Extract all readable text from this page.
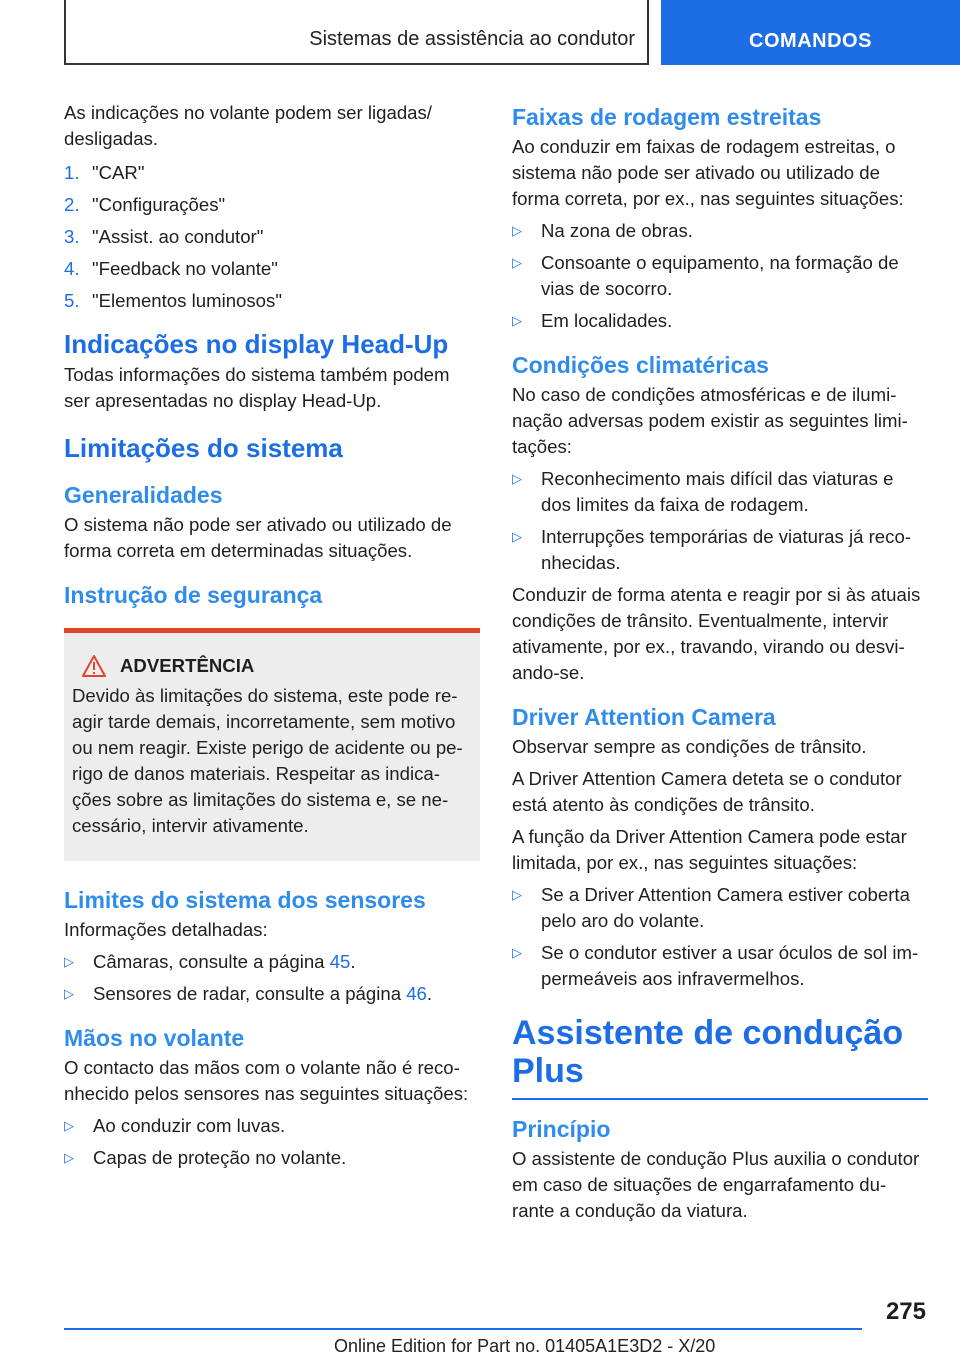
Sistemas de assistência ao condutor	COMANDOS

As indicações no volante podem ser ligadas/ desligadas.

1. "CAR"
2. "Configurações"
3. "Assist. ao condutor"
4. "Feedback no volante"
5. "Elementos luminosos"
Indicações no display Head-Up

Todas informações do sistema também podem ser apresentadas no display Head-Up.

Limitações do sistema
Generalidades

O sistema não pode ser ativado ou utilizado de forma correta em determinadas situações.

Instrução de segurança
ADVERTÊNCIA

Devido às limitações do sistema, este pode re- agir tarde demais, incorretamente, sem motivo ou nem reagir. Existe perigo de acidente ou pe- rigo de danos materiais. Respeitar as indica- ções sobre as limitações do sistema e, se ne- cessário, intervir ativamente.

Limites do sistema dos sensores

Informações detalhadas:

▷	Câmaras, consulte a página 45.
▷	Sensores de radar, consulte a página 46.
Mãos no volante

O contacto das mãos com o volante não é reco- nhecido pelos sensores nas seguintes situações:

▷	Ao conduzir com luvas.
▷	Capas de proteção no volante.
Faixas de rodagem estreitas

Ao conduzir em faixas de rodagem estreitas, o sistema não pode ser ativado ou utilizado de forma correta, por ex., nas seguintes situações:

▷	Na zona de obras.
▷	Consoante o equipamento, na formação de vias de socorro.
▷	Em localidades.
Condições climatéricas

No caso de condições atmosféricas e de ilumi- nação adversas podem existir as seguintes limi- tações:

▷	Reconhecimento mais difícil das viaturas e dos limites da faixa de rodagem.
▷	Interrupções temporárias de viaturas já reco- nhecidas.

Conduzir de forma atenta e reagir por si às atuais condições de trânsito. Eventualmente, intervir ativamente, por ex., travando, virando ou desvi- ando-se.

Driver Attention Camera

Observar sempre as condições de trânsito.

A Driver Attention Camera deteta se o condutor está atento às condições de trânsito.

A função da Driver Attention Camera pode estar limitada, por ex., nas seguintes situações:

▷	Se a Driver Attention Camera estiver coberta pelo aro do volante.
▷	Se o condutor estiver a usar óculos de sol im- permeáveis aos infravermelhos.
Assistente de condução Plus
Princípio

O assistente de condução Plus auxilia o condutor em caso de situações de engarrafamento du- rante a condução da viatura.

275
Online Edition for Part no. 01405A1E3D2 - X/20
